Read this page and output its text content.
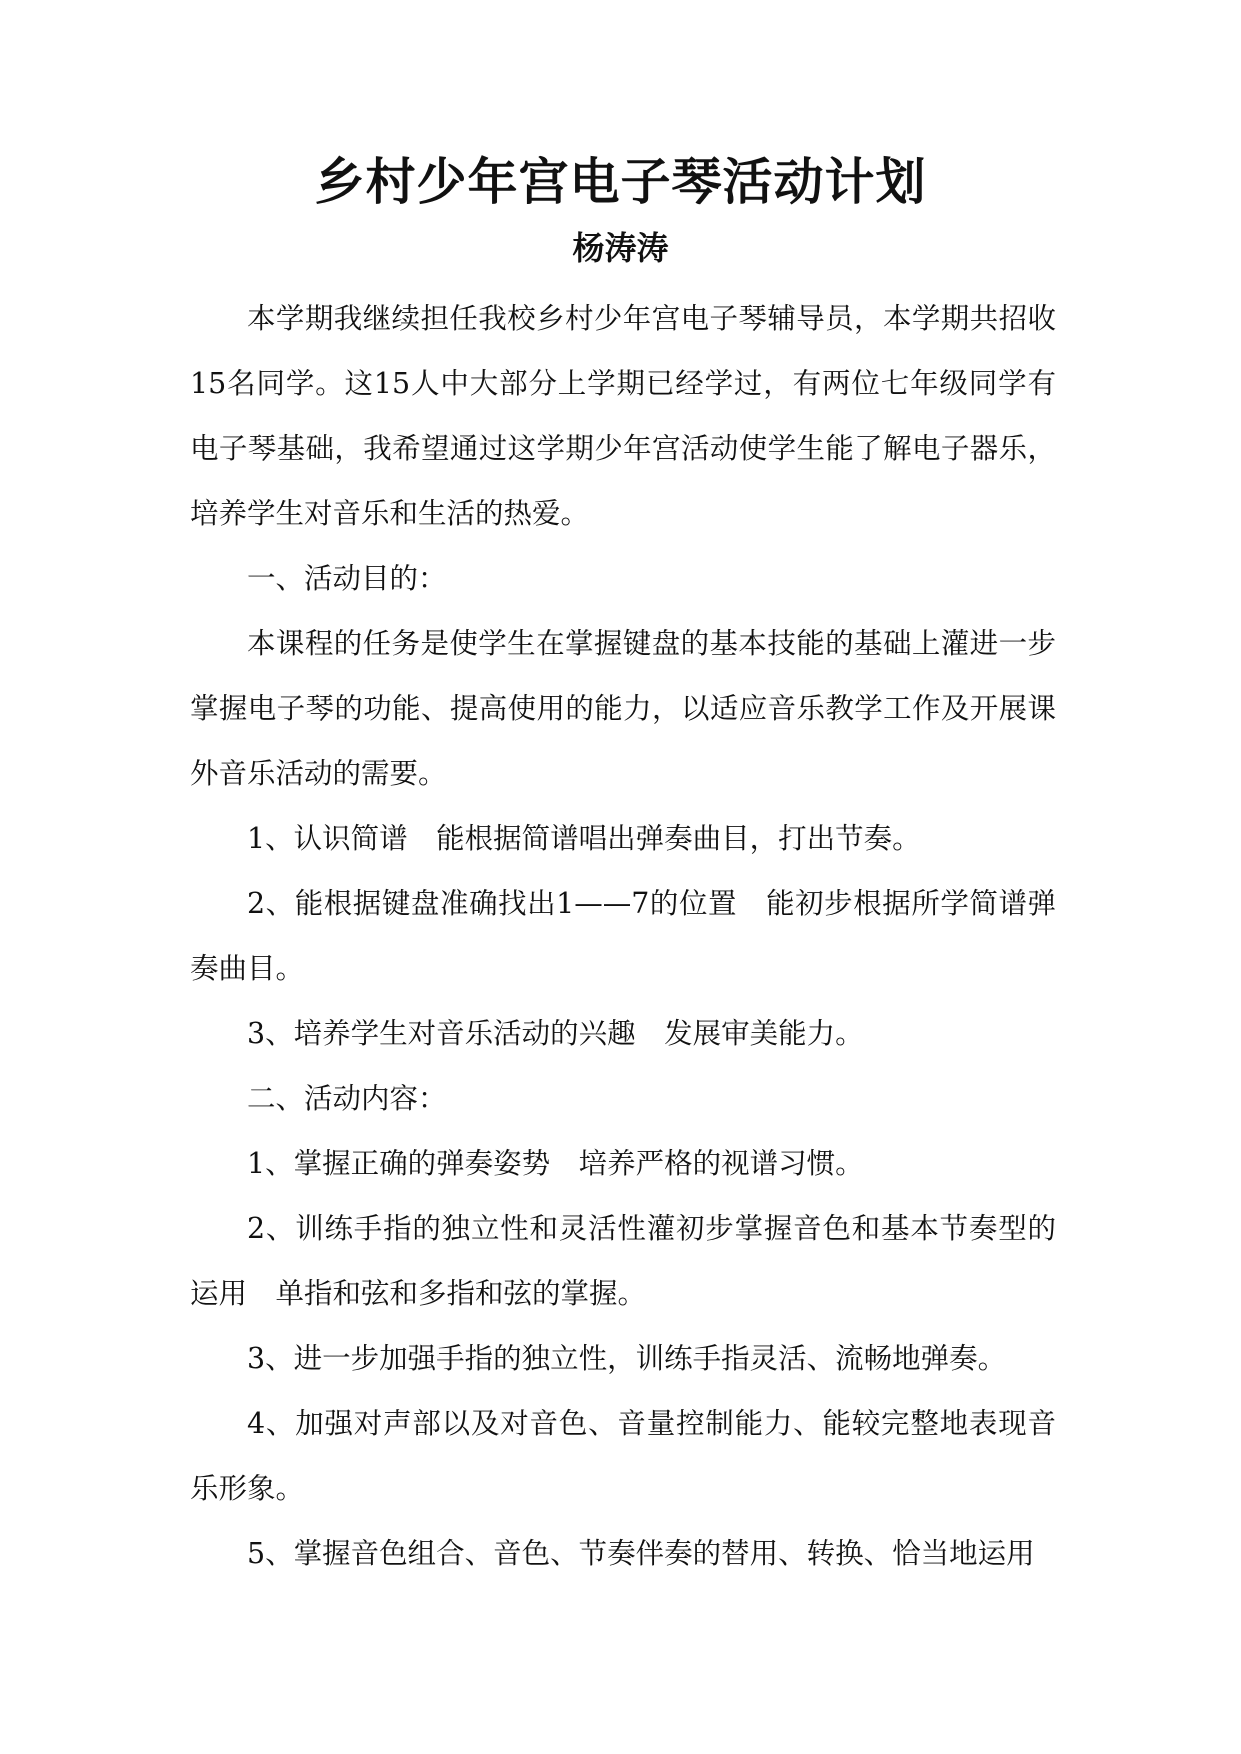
乡村少年宫电子琴活动计划
杨涛涛

本学期我继续担任我校乡村少年宫电子琴辅导员，本学期共招收15名同学。这15人中大部分上学期已经学过，有两位七年级同学有电子琴基础，我希望通过这学期少年宫活动使学生能了解电子器乐，培养学生对音乐和生活的热爱。

一、活动目的：

本课程的任务是使学生在掌握键盘的基本技能的基础上灌进一步掌握电子琴的功能、提高使用的能力，以适应音乐教学工作及开展课外音乐活动的需要。

1、认识简谱　能根据简谱唱出弹奏曲目，打出节奏。

2、能根据键盘准确找出1——7的位置　能初步根据所学简谱弹奏曲目。

3、培养学生对音乐活动的兴趣　发展审美能力。

二、活动内容：

1、掌握正确的弹奏姿势　培养严格的视谱习惯。

2、训练手指的独立性和灵活性灌初步掌握音色和基本节奏型的运用　单指和弦和多指和弦的掌握。

3、进一步加强手指的独立性，训练手指灵活、流畅地弹奏。

4、加强对声部以及对音色、音量控制能力、能较完整地表现音乐形象。

5、掌握音色组合、音色、节奏伴奏的替用、转换、恰当地运用
